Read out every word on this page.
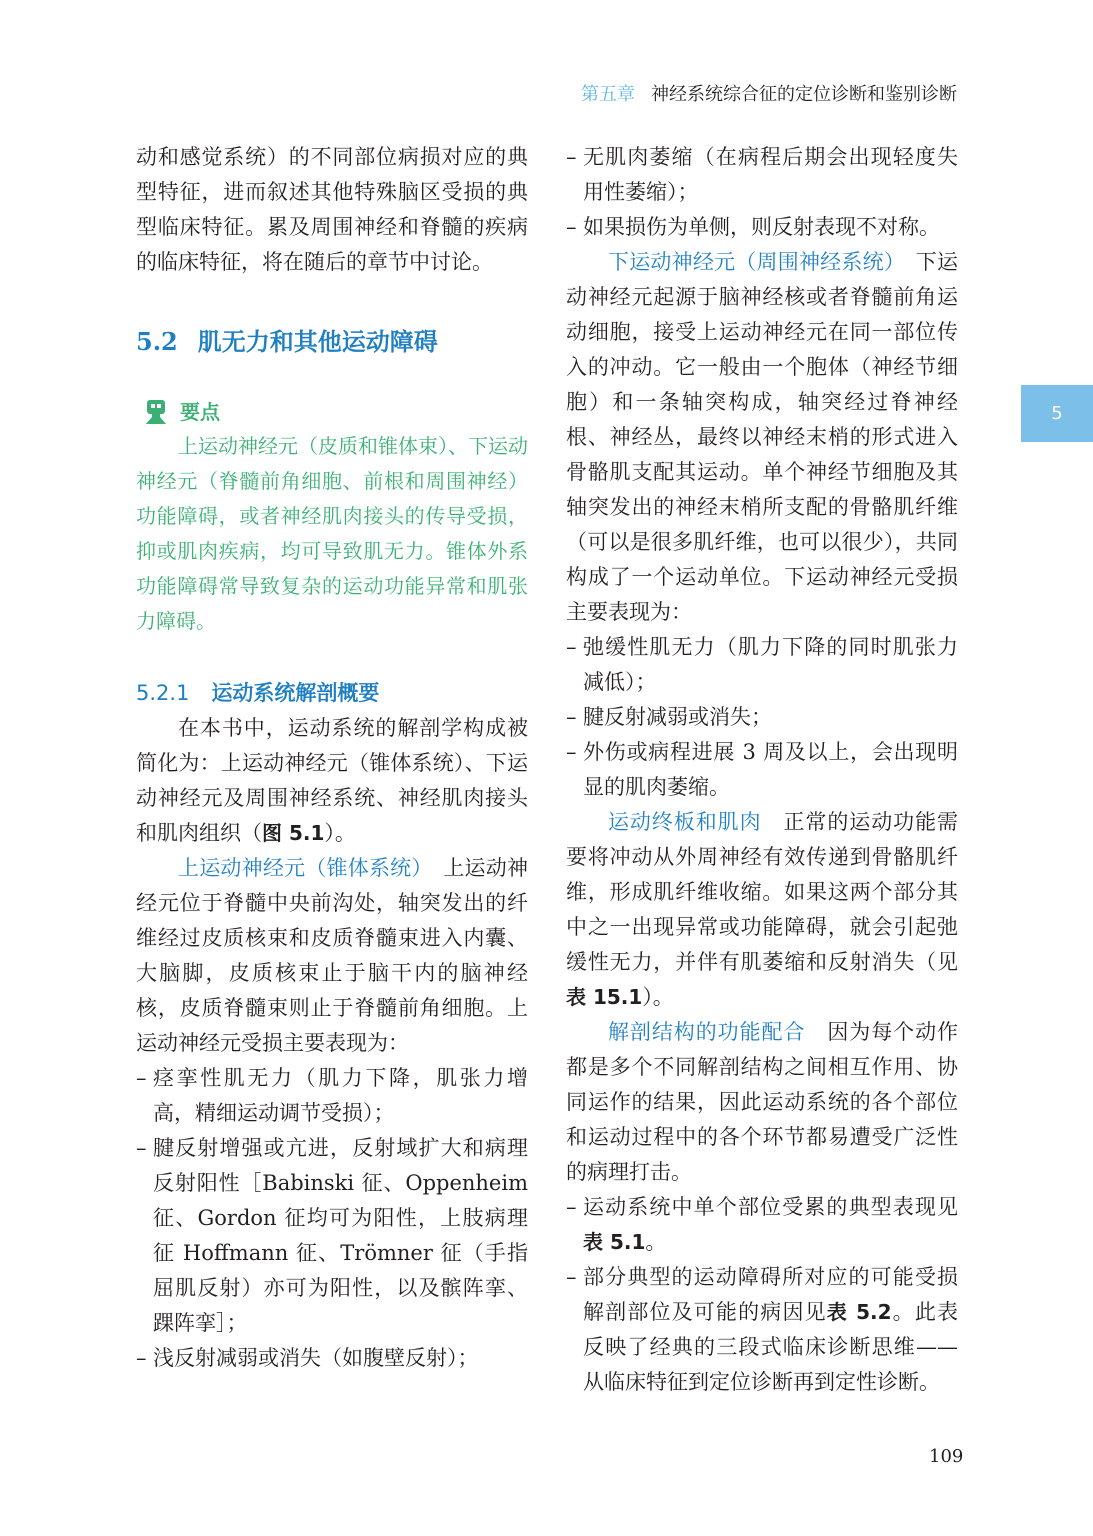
第五章 神经系统综合征的定位诊断和鉴别诊断

动和感觉系统）的不同部位病损对应的典型特征，进而叙述其他特殊脑区受损的典型临床特征。累及周围神经和脊髓的疾病的临床特征，将在随后的章节中讨论。

5.2 肌无力和其他运动障碍
要点

上运动神经元（皮质和锥体束）、下运动神经元（脊髓前角细胞、前根和周围神经）功能障碍，或者神经肌肉接头的传导受损，抑或肌肉疾病，均可导致肌无力。锥体外系功能障碍常导致复杂的运动功能异常和肌张力障碍。

5.2.1 运动系统解剖概要

在本书中，运动系统的解剖学构成被简化为：上运动神经元（锥体系统）、下运动神经元及周围神经系统、神经肌肉接头和肌肉组织（图 5.1）。

上运动神经元（锥体系统）　 上运动神经元位于脊髓中央前沟处，轴突发出的纤维经过皮质核束和皮质脊髓束进入内囊、大脑脚，皮质核束止于脑干内的脑神经核，皮质脊髓束则止于脊髓前角细胞。上运动神经元受损主要表现为：

– 痉挛性肌无力（肌力下降，肌张力增高，精细运动调节受损）；

– 腱反射增强或亢进，反射域扩大和病理反射阳性［Babinski 征、Oppenheim 征、Gordon 征均可为阳性，上肢病理征 Hoffmann 征、Trömner 征（手指屈肌反射）亦可为阳性，以及髌阵挛、踝阵挛］；

– 浅反射减弱或消失（如腹壁反射）；

– 无肌肉萎缩（在病程后期会出现轻度失用性萎缩）；

– 如果损伤为单侧，则反射表现不对称。

下运动神经元（周围神经系统）　 下运动神经元起源于脑神经核或者脊髓前角运动细胞，接受上运动神经元在同一部位传入的冲动。它一般由一个胞体（神经节细胞）和一条轴突构成，轴突经过脊神经根、神经丛，最终以神经末梢的形式进入骨骼肌支配其运动。单个神经节细胞及其轴突发出的神经末梢所支配的骨骼肌纤维（可以是很多肌纤维，也可以很少），共同构成了一个运动单位。下运动神经元受损主要表现为：

– 弛缓性肌无力（肌力下降的同时肌张力减低）；

– 腱反射减弱或消失；

– 外伤或病程进展 3 周及以上，会出现明显的肌肉萎缩。

运动终板和肌肉　 正常的运动功能需要将冲动从外周神经有效传递到骨骼肌纤维，形成肌纤维收缩。如果这两个部分其中之一出现异常或功能障碍，就会引起弛缓性无力，并伴有肌萎缩和反射消失（见表 15.1）。

解剖结构的功能配合　 因为每个动作都是多个不同解剖结构之间相互作用、协同运作的结果，因此运动系统的各个部位和运动过程中的各个环节都易遭受广泛性的病理打击。

– 运动系统中单个部位受累的典型表现见表 5.1。

– 部分典型的运动障碍所对应的可能受损解剖部位及可能的病因见表 5.2。此表反映了经典的三段式临床诊断思维——从临床特征到定位诊断再到定性诊断。

5
109
